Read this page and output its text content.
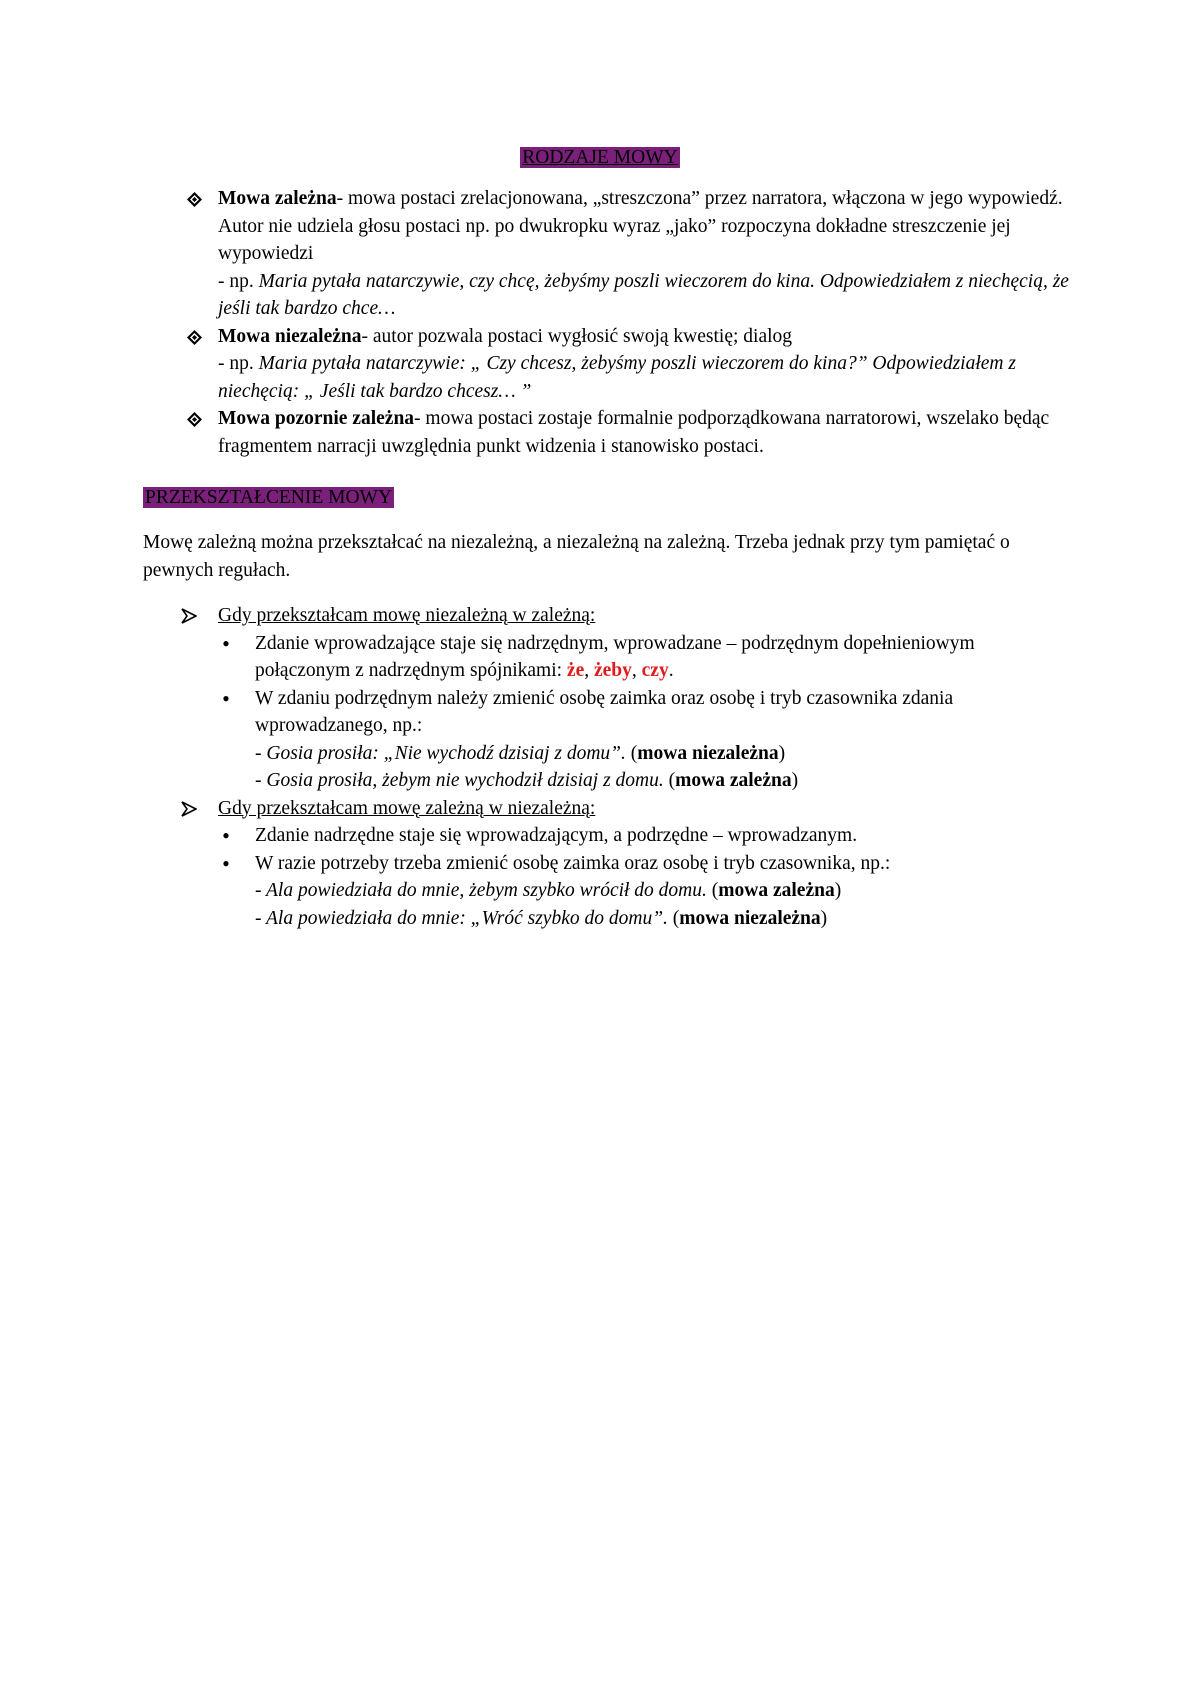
RODZAJE MOWY
Mowa zależna- mowa postaci zrelacjonowana, „streszczona” przez narratora, włączona w jego wypowiedź. Autor nie udziela głosu postaci np. po dwukropku wyraz „jako” rozpoczyna dokładne streszczenie jej wypowiedzi
- np. Maria pytała natarczywie, czy chcę, żebyśmy poszli wieczorem do kina. Odpowiedziałem z niechęcią, że jeśli tak bardzo chce…
Mowa niezależna- autor pozwala postaci wygłosić swoją kwestię; dialog
- np. Maria pytała natarczywie: „ Czy chcesz, żebyśmy poszli wieczorem do kina?” Odpowiedziałem z niechęcią: „ Jeśli tak bardzo chcesz… ”
Mowa pozornie zależna- mowa postaci zostaje formalnie podporządkowana narratorowi, wszelako będąc fragmentem narracji uwzględnia punkt widzenia i stanowisko postaci.
PRZEKSZTAŁCENIE MOWY
Mowę zależną można przekształcać na niezależną, a niezależną na zależną. Trzeba jednak przy tym pamiętać o pewnych regułach.
Gdy przekształcam mowę niezależną w zależną:
• Zdanie wprowadzające staje się nadrzędnym, wprowadzane – podrzędnym dopełnieniowym połączonym z nadrzędnym spójnikami: że, żeby, czy.
• W zdaniu podrzędnym należy zmienić osobę zaimka oraz osobę i tryb czasownika zdania wprowadzanego, np.:
- Gosia prosiła: „Nie wychodź dzisiaj z domu”. (mowa niezależna)
- Gosia prosiła, żebym nie wychodził dzisiaj z domu. (mowa zależna)
Gdy przekształcam mowę zależną w niezależną:
• Zdanie nadrzędne staje się wprowadzającym, a podrzędne – wprowadzanym.
• W razie potrzeby trzeba zmienić osobę zaimka oraz osobę i tryb czasownika, np.:
- Ala powiedziała do mnie, żebym szybko wrócił do domu. (mowa zależna)
- Ala powiedziała do mnie: „Wróć szybko do domu”. (mowa niezależna)
